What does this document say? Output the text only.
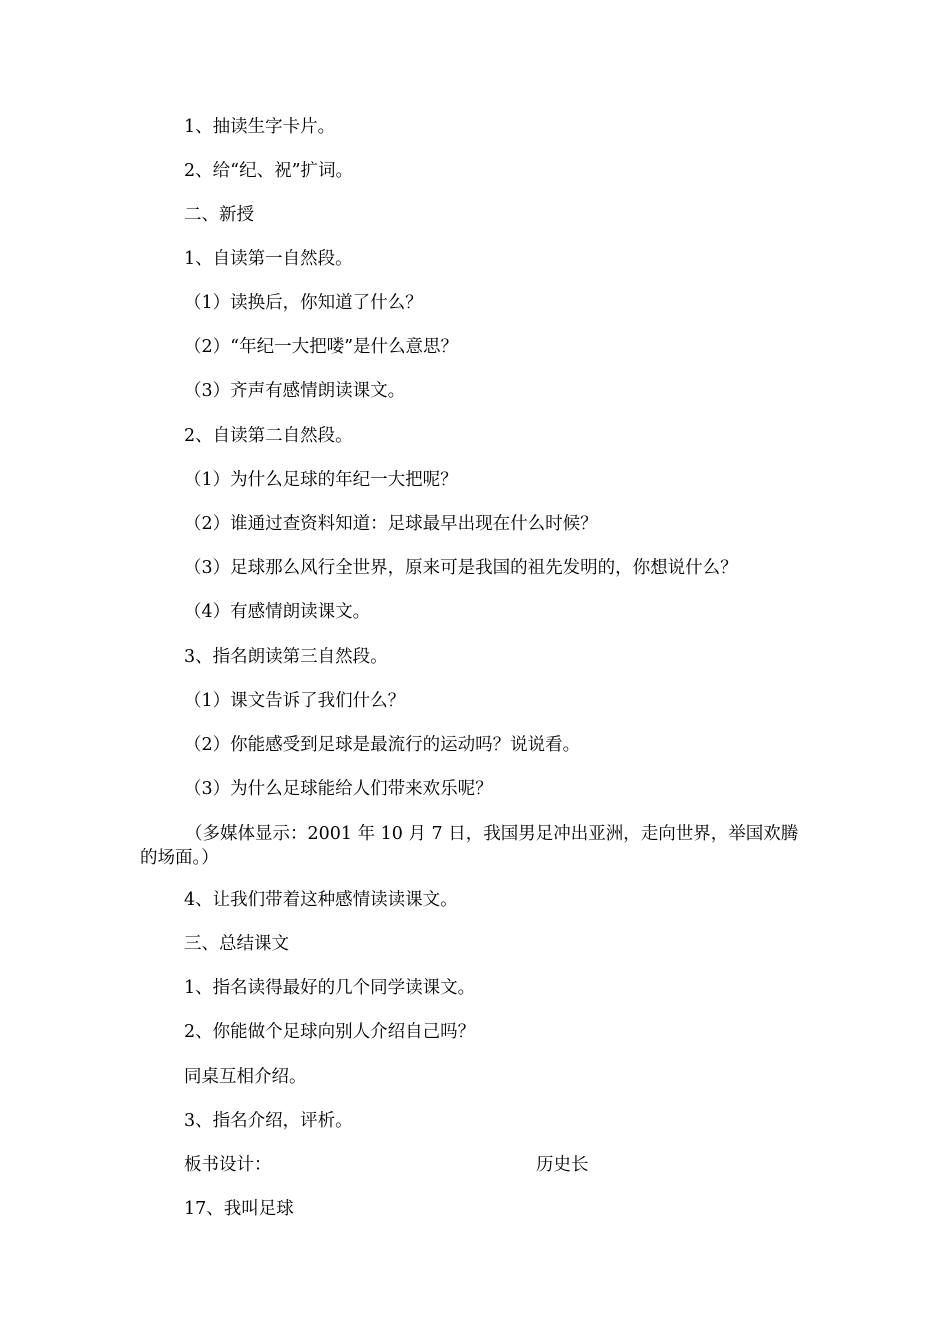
1、抽读生字卡片。
2、给“纪、祝”扩词。
二、新授
1、自读第一自然段。
（1）读换后，你知道了什么？
（2）“年纪一大把喽”是什么意思？
（3）齐声有感情朗读课文。
2、自读第二自然段。
（1）为什么足球的年纪一大把呢？
（2）谁通过查资料知道：足球最早出现在什么时候？
（3）足球那么风行全世界，原来可是我国的祖先发明的，你想说什么？
（4）有感情朗读课文。
3、指名朗读第三自然段。
（1）课文告诉了我们什么？
（2）你能感受到足球是最流行的运动吗？说说看。
（3）为什么足球能给人们带来欢乐呢？
（多媒体显示：2001 年 10 月 7 日，我国男足冲出亚洲，走向世界，举国欢腾的场面。）
4、让我们带着这种感情读读课文。
三、总结课文
1、指名读得最好的几个同学读课文。
2、你能做个足球向别人介绍自己吗？
同桌互相介绍。
3、指名介绍，评析。
板书设计：	历史长
17、我叫足球
